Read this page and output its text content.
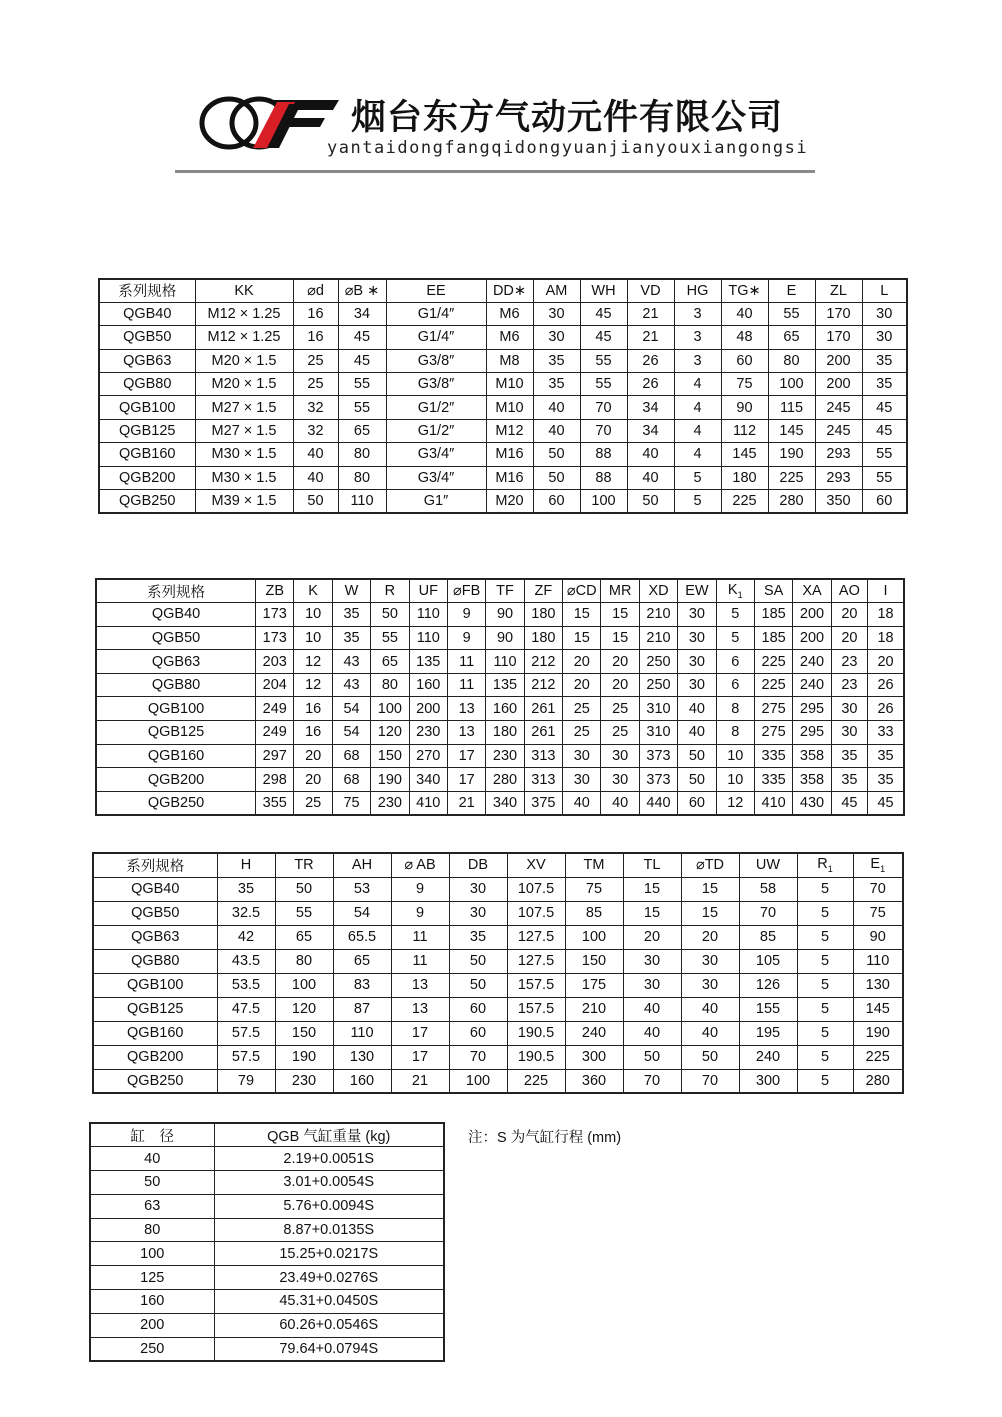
烟台东方气动元件有限公司
yantaidongfangqidongyuanjianyouxiangongsi
系列规格	KK	⌀d	⌀B ∗	EE	DD∗	AM	WH	VD	HG	TG∗	E	ZL	L
QGB40	M12 × 1.25	16	34	G1/4″	M6	30	45	21	3	40	55	170	30
QGB50	M12 × 1.25	16	45	G1/4″	M6	30	45	21	3	48	65	170	30
QGB63	M20 × 1.5	25	45	G3/8″	M8	35	55	26	3	60	80	200	35
QGB80	M20 × 1.5	25	55	G3/8″	M10	35	55	26	4	75	100	200	35
QGB100	M27 × 1.5	32	55	G1/2″	M10	40	70	34	4	90	115	245	45
QGB125	M27 × 1.5	32	65	G1/2″	M12	40	70	34	4	112	145	245	45
QGB160	M30 × 1.5	40	80	G3/4″	M16	50	88	40	4	145	190	293	55
QGB200	M30 × 1.5	40	80	G3/4″	M16	50	88	40	5	180	225	293	55
QGB250	M39 × 1.5	50	110	G1″	M20	60	100	50	5	225	280	350	60
系列规格	ZB	K	W	R	UF	⌀FB	TF	ZF	⌀CD	MR	XD	EW	$K_1$	SA	XA	AO	I
QGB40	173	10	35	50	110	9	90	180	15	15	210	30	5	185	200	20	18
QGB50	173	10	35	55	110	9	90	180	15	15	210	30	5	185	200	20	18
QGB63	203	12	43	65	135	11	110	212	20	20	250	30	6	225	240	23	20
QGB80	204	12	43	80	160	11	135	212	20	20	250	30	6	225	240	23	26
QGB100	249	16	54	100	200	13	160	261	25	25	310	40	8	275	295	30	26
QGB125	249	16	54	120	230	13	180	261	25	25	310	40	8	275	295	30	33
QGB160	297	20	68	150	270	17	230	313	30	30	373	50	10	335	358	35	35
QGB200	298	20	68	190	340	17	280	313	30	30	373	50	10	335	358	35	35
QGB250	355	25	75	230	410	21	340	375	40	40	440	60	12	410	430	45	45
系列规格	H	TR	AH	⌀ AB	DB	XV	TM	TL	⌀TD	UW	$R_1$	$E_1$
QGB40	35	50	53	9	30	107.5	75	15	15	58	5	70
QGB50	32.5	55	54	9	30	107.5	85	15	15	70	5	75
QGB63	42	65	65.5	11	35	127.5	100	20	20	85	5	90
QGB80	43.5	80	65	11	50	127.5	150	30	30	105	5	110
QGB100	53.5	100	83	13	50	157.5	175	30	30	126	5	130
QGB125	47.5	120	87	13	60	157.5	210	40	40	155	5	145
QGB160	57.5	150	110	17	60	190.5	240	40	40	195	5	190
QGB200	57.5	190	130	17	70	190.5	300	50	50	240	5	225
QGB250	79	230	160	21	100	225	360	70	70	300	5	280
缸　径	QGB 气缸重量 (kg)
40	2.19+0.0051S
50	3.01+0.0054S
63	5.76+0.0094S
80	8.87+0.0135S
100	15.25+0.0217S
125	23.49+0.0276S
160	45.31+0.0450S
200	60.26+0.0546S
250	79.64+0.0794S
注：S 为气缸行程 (mm)
